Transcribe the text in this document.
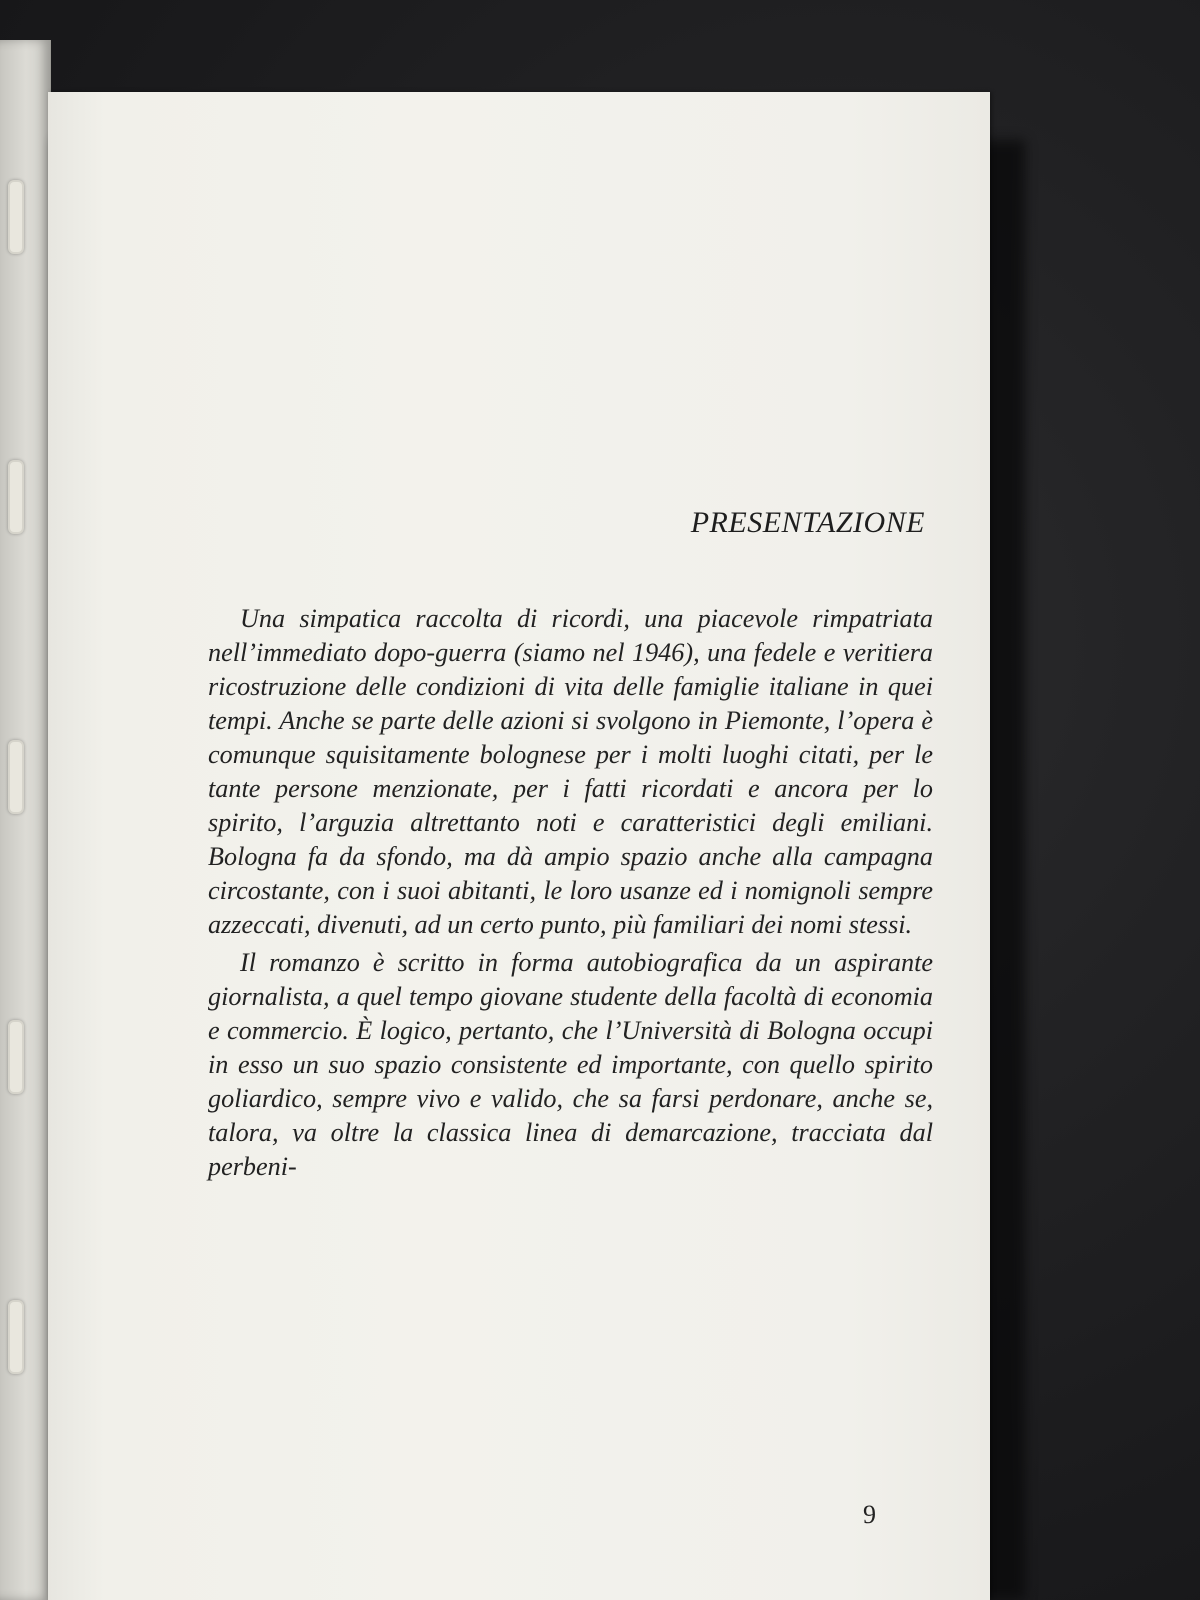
PRESENTAZIONE

Una simpatica raccolta di ricordi, una piacevole rimpatriata nell’immediato dopo-guerra (siamo nel 1946), una fedele e veritiera ricostruzione delle condizioni di vita delle famiglie italiane in quei tempi. Anche se parte delle azioni si svolgono in Piemonte, l’opera è comunque squisitamente bolognese per i molti luoghi citati, per le tante persone menzionate, per i fatti ricordati e ancora per lo spirito, l’arguzia altrettanto noti e caratteristici degli emiliani. Bologna fa da sfondo, ma dà ampio spazio anche alla campagna circostante, con i suoi abitanti, le loro usanze ed i nomignoli sempre azzeccati, divenuti, ad un certo punto, più familiari dei nomi stessi.

Il romanzo è scritto in forma autobiografica da un aspirante giornalista, a quel tempo giovane studente della facoltà di economia e commercio. È logico, pertanto, che l’Università di Bologna occupi in esso un suo spazio consistente ed importante, con quello spirito goliardico, sempre vivo e valido, che sa farsi perdonare, anche se, talora, va oltre la classica linea di demarcazione, tracciata dal perbeni-

9
